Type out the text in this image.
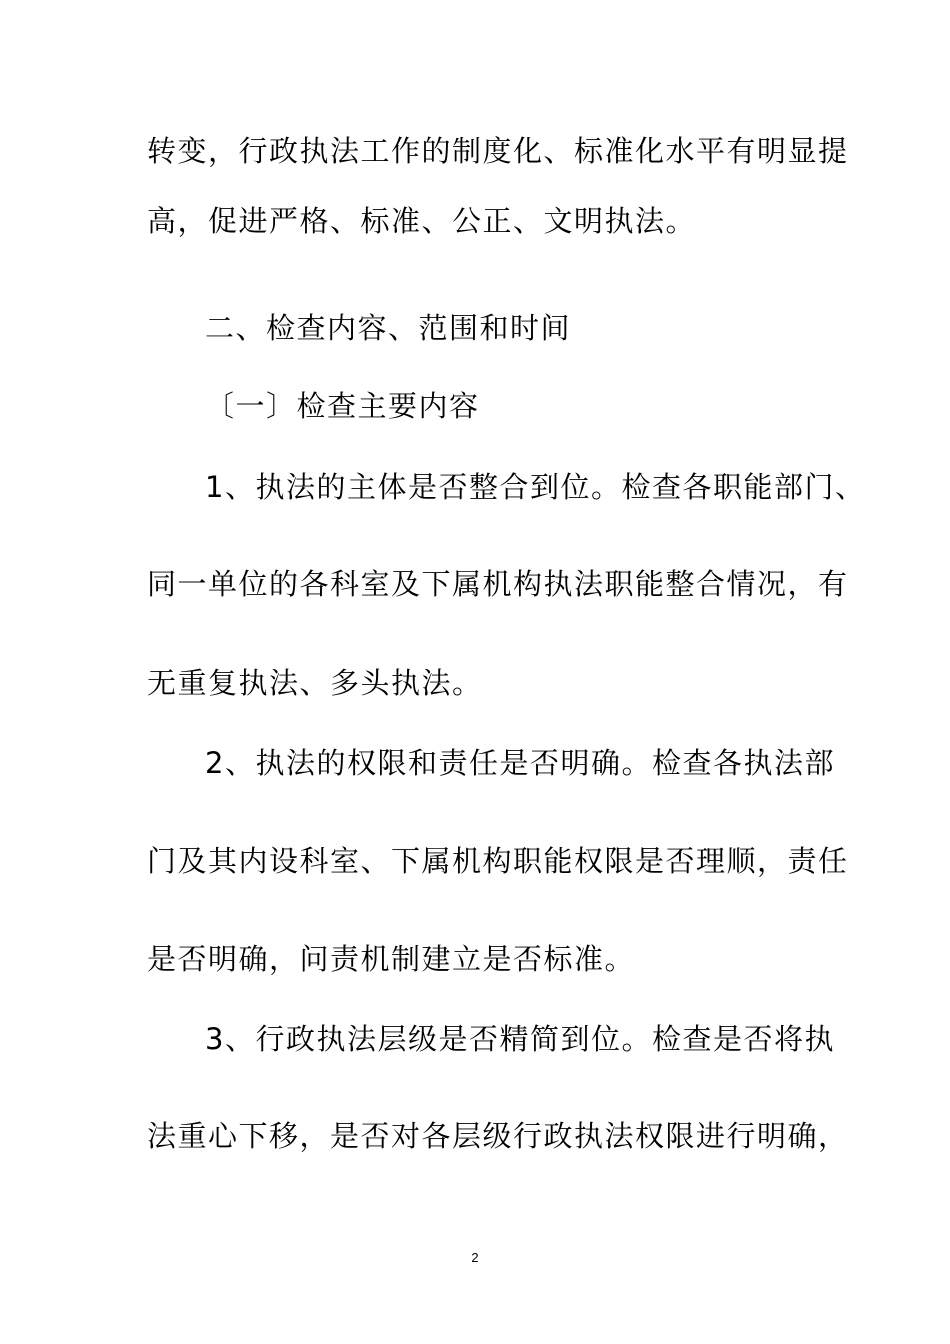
转变，行政执法工作的制度化、标准化水平有明显提
高，促进严格、标准、公正、文明执法。
二、检查内容、范围和时间
〔一〕检查主要内容
1、执法的主体是否整合到位。检查各职能部门、
同一单位的各科室及下属机构执法职能整合情况，有
无重复执法、多头执法。
2、执法的权限和责任是否明确。检查各执法部
门及其内设科室、下属机构职能权限是否理顺，责任
是否明确，问责机制建立是否标准。
3、行政执法层级是否精简到位。检查是否将执
法重心下移，是否对各层级行政执法权限进行明确，
2
